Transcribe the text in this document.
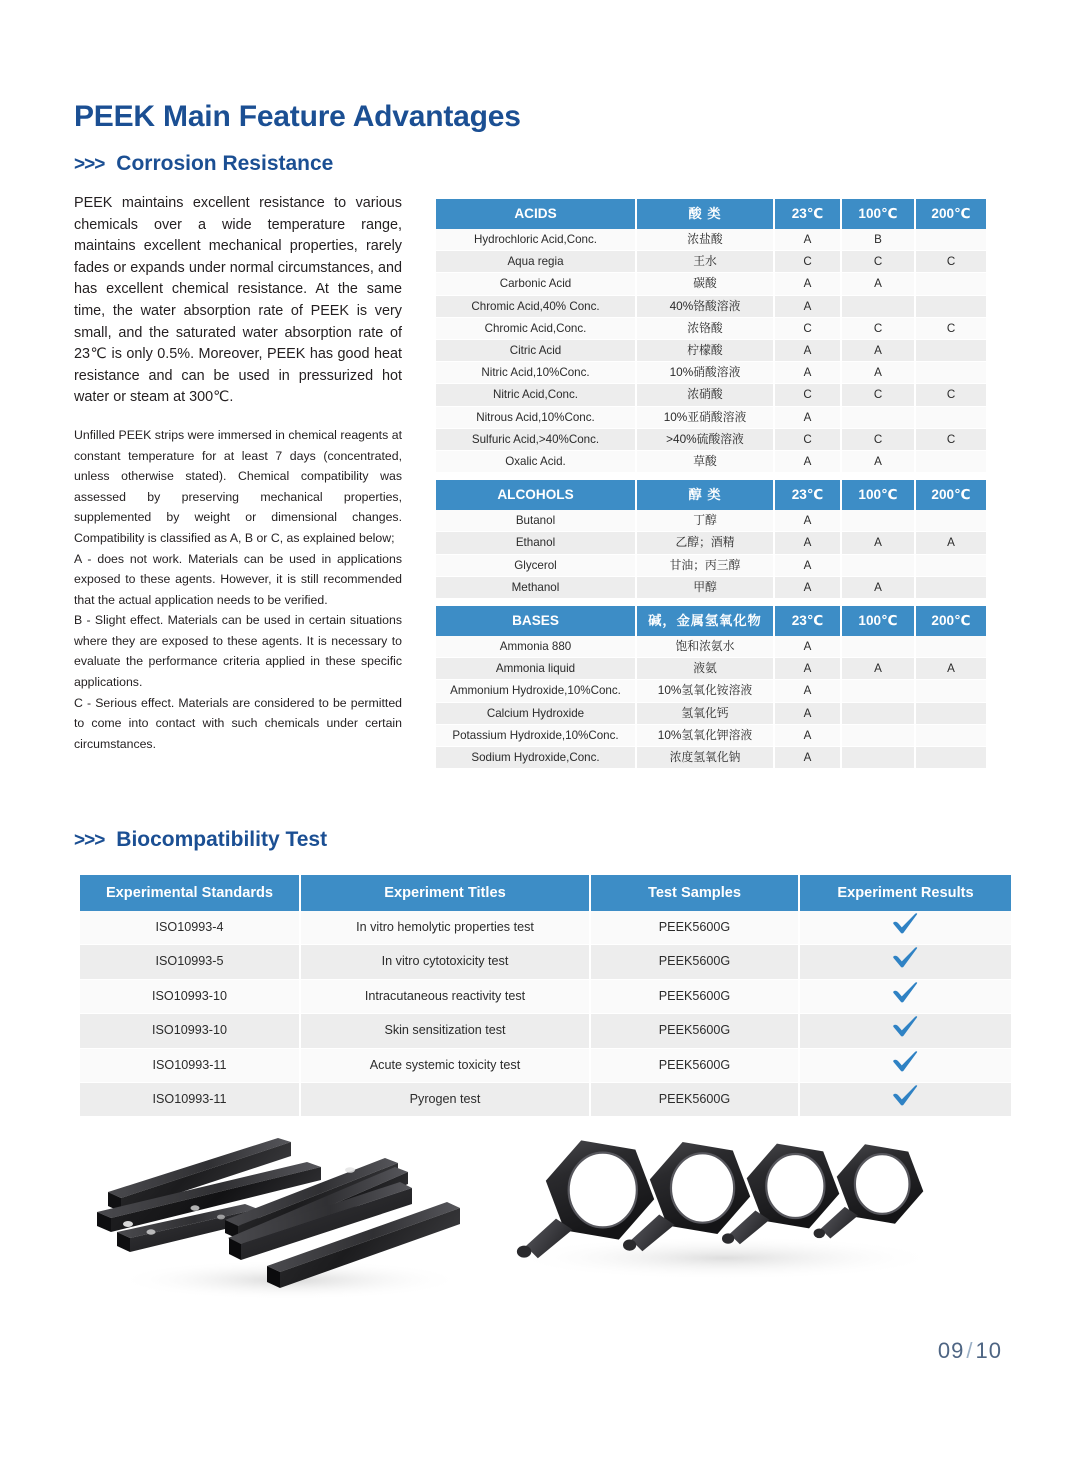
PEEK Main Feature Advantages
>>> Corrosion Resistance

PEEK maintains excellent resistance to various chemicals over a wide temperature range, maintains excellent mechanical properties, rarely fades or expands under normal circumstances, and has excellent chemical resistance. At the same time, the water absorption rate of PEEK is very small, and the saturated water absorption rate of 23℃ is only 0.5%. Moreover, PEEK has good heat resistance and can be used in pressurized hot water or steam at 300℃.

Unfilled PEEK strips were immersed in chemical reagents at constant temperature for at least 7 days (concentrated, unless otherwise stated). Chemical compatibility was assessed by preserving mechanical properties, supplemented by weight or dimensional changes. Compatibility is classified as A, B or C, as explained below;
A - does not work. Materials can be used in applications exposed to these agents. However, it is still recommended that the actual application needs to be verified.
B - Slight effect. Materials can be used in certain situations where they are exposed to these agents. It is necessary to evaluate the performance criteria applied in these specific applications.
C - Serious effect. Materials are considered to be permitted to come into contact with such chemicals under certain circumstances.
ACIDS	酸 类	23℃	100℃	200℃
Hydrochloric Acid,Conc.	浓盐酸	A	B	
Aqua regia	王水	C	C	C
Carbonic Acid	碳酸	A	A	
Chromic Acid,40% Conc.	40%铬酸溶液	A		
Chromic Acid,Conc.	浓铬酸	C	C	C
Citric Acid	柠檬酸	A	A	
Nitric Acid,10%Conc.	10%硝酸溶液	A	A	
Nitric Acid,Conc.	浓硝酸	C	C	C
Nitrous Acid,10%Conc.	10%亚硝酸溶液	A		
Sulfuric Acid,>40%Conc.	>40%硫酸溶液	C	C	C
Oxalic Acid.	草酸	A	A	
ALCOHOLS	醇 类	23℃	100℃	200℃
Butanol	丁醇	A		
Ethanol	乙醇；酒精	A	A	A
Glycerol	甘油；丙三醇	A		
Methanol	甲醇	A	A	
BASES	碱，金属氢氧化物	23℃	100℃	200℃
Ammonia 880	饱和浓氨水	A		
Ammonia liquid	液氨	A	A	A
Ammonium Hydroxide,10%Conc.	10%氢氧化铵溶液	A		
Calcium Hydroxide	氢氧化钙	A		
Potassium Hydroxide,10%Conc.	10%氢氧化钾溶液	A		
Sodium Hydroxide,Conc.	浓度氢氧化钠	A		
>>> Biocompatibility Test
Experimental Standards	Experiment Titles	Test Samples	Experiment Results
ISO10993-4	In vitro hemolytic properties test	PEEK5600G	
ISO10993-5	In vitro cytotoxicity test	PEEK5600G	
ISO10993-10	Intracutaneous reactivity test	PEEK5600G	
ISO10993-10	Skin sensitization test	PEEK5600G	
ISO10993-11	Acute systemic toxicity test	PEEK5600G	
ISO10993-11	Pyrogen test	PEEK5600G	
09/10
